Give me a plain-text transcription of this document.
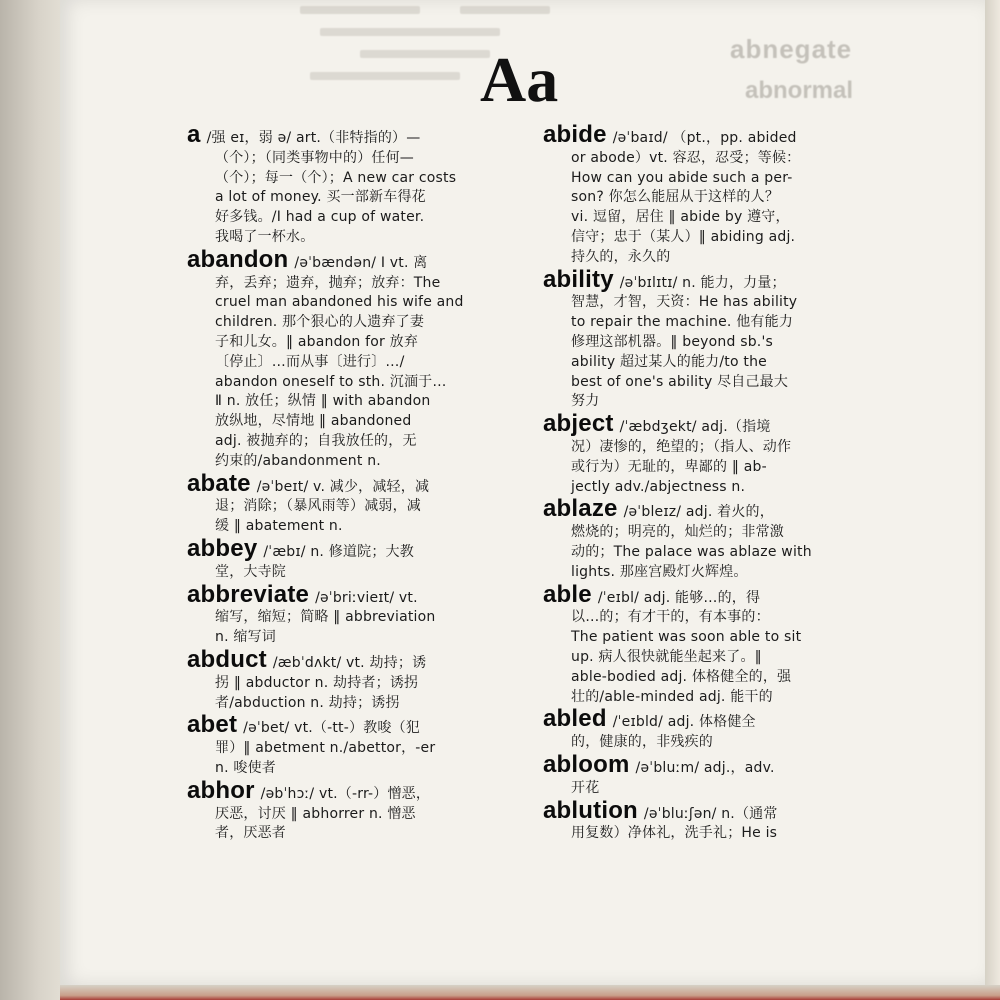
abnegate
abnormal
Aa
a /强 eɪ，弱 ə/ art.（非特指的）—
（个）；（同类事物中的）任何—
（个）；每一（个）；A new car costs
a lot of money. 买一部新车得花
好多钱。/I had a cup of water.
我喝了一杯水。
abandon /əˈbændən/ Ⅰ vt. 离
弃，丢弃；遗弃，抛弃；放弃：The
cruel man abandoned his wife and
children. 那个狠心的人遗弃了妻
子和儿女。‖ abandon for 放弃
〔停止〕…而从事〔进行〕…/
abandon oneself to sth. 沉湎于…
Ⅱ n. 放任；纵情 ‖ with abandon
放纵地，尽情地 ‖ abandoned
adj. 被抛弃的；自我放任的，无
约束的/abandonment n.
abate /əˈbeɪt/ v. 减少，减轻，减
退；消除；（暴风雨等）减弱，减
缓 ‖ abatement n.
abbey /ˈæbɪ/ n. 修道院；大教
堂，大寺院
abbreviate /əˈbriːvieɪt/ vt.
缩写，缩短；简略 ‖ abbreviation
n. 缩写词
abduct /æbˈdʌkt/ vt. 劫持；诱
拐 ‖ abductor n. 劫持者；诱拐
者/abduction n. 劫持；诱拐
abet /əˈbet/ vt.（-tt-）教唆（犯
罪）‖ abetment n./abettor，-er
n. 唆使者
abhor /əbˈhɔː/ vt.（-rr-）憎恶，
厌恶，讨厌 ‖ abhorrer n. 憎恶
者，厌恶者
abide /əˈbaɪd/ （pt.，pp. abided
or abode）vt. 容忍，忍受；等候：
How can you abide such a per-
son? 你怎么能屈从于这样的人？
vi. 逗留，居住 ‖ abide by 遵守，
信守；忠于（某人）‖ abiding adj.
持久的，永久的
ability /əˈbɪlɪtɪ/ n. 能力，力量；
智慧，才智，天资：He has ability
to repair the machine. 他有能力
修理这部机器。‖ beyond sb.'s
ability 超过某人的能力/to the
best of one's ability 尽自己最大
努力
abject /ˈæbdʒekt/ adj.（指境
况）凄惨的，绝望的；（指人、动作
或行为）无耻的，卑鄙的 ‖ ab-
jectly adv./abjectness n.
ablaze /əˈbleɪz/ adj. 着火的，
燃烧的；明亮的，灿烂的；非常激
动的；The palace was ablaze with
lights. 那座宫殿灯火辉煌。
able /ˈeɪbl/ adj. 能够…的，得
以…的；有才干的，有本事的：
The patient was soon able to sit
up. 病人很快就能坐起来了。‖
able-bodied adj. 体格健全的，强
壮的/able-minded adj. 能干的
abled /ˈeɪbld/ adj. 体格健全
的，健康的，非残疾的
abloom /əˈbluːm/ adj.，adv.
开花
ablution /əˈbluːʃən/ n.（通常
用复数）净体礼，洗手礼；He is
